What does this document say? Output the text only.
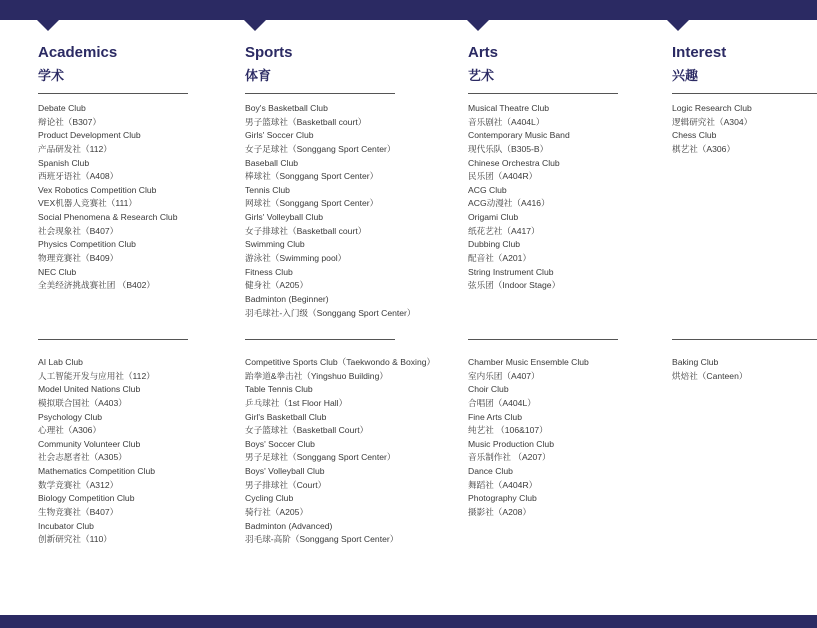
Academics
学术
Debate Club
辩论社（B307）
Product Development Club
产品研发社（112）
Spanish Club
西班牙语社（A408）
Vex Robotics Competition Club
VEX机器人竞赛社（111）
Social Phenomena & Research Club
社会现象社（B407）
Physics Competition Club
物理竞赛社（B409）
NEC Club
全美经济挑战赛社团 （B402）
AI Lab Club
人工智能开发与应用社（112）
Model United Nations Club
模拟联合国社（A403）
Psychology Club
心理社（A306）
Community Volunteer Club
社会志愿者社（A305）
Mathematics Competition Club
数学竞赛社（A312）
Biology Competition Club
生物竞赛社（B407）
Incubator Club
创新研究社（110）
Sports
体育
Boy's Basketball Club
男子篮球社（Basketball court）
Girls' Soccer Club
女子足球社（Songgang Sport Center）
Baseball Club
棒球社（Songgang Sport Center）
Tennis Club
网球社（Songgang Sport Center）
Girls' Volleyball Club
女子排球社（Basketball court）
Swimming Club
游泳社（Swimming pool）
Fitness Club
健身社（A205）
Badminton (Beginner)
羽毛球社-入门级（Songgang Sport Center）
Competitive Sports Club（Taekwondo & Boxing）
跆拳道&拳击社（Yingshuo Building）
Table Tennis Club
乒乓球社（1st Floor Hall）
Girl's Basketball Club
女子篮球社（Basketball Court）
Boys' Soccer Club
男子足球社（Songgang Sport Center）
Boys' Volleyball Club
男子排球社（Court）
Cycling Club
骑行社（A205）
Badminton (Advanced)
羽毛球-高阶（Songgang Sport Center）
Arts
艺术
Musical Theatre Club
音乐剧社（A404L）
Contemporary Music Band
现代乐队（B305-B）
Chinese Orchestra Club
民乐团（A404R）
ACG Club
ACG动漫社（A416）
Origami Club
纸花艺社（A417）
Dubbing Club
配音社（A201）
String Instrument Club
弦乐团（Indoor Stage）
Chamber Music Ensemble Club
室内乐团（A407）
Choir Club
合唱团（A404L）
Fine Arts Club
纯艺社 （106&107）
Music Production Club
音乐制作社 （A207）
Dance Club
舞蹈社（A404R）
Photography Club
摄影社（A208）
Interest
兴趣
Logic Research Club
逻辑研究社（A304）
Chess Club
棋艺社（A306）
Baking Club
烘焙社（Canteen）
